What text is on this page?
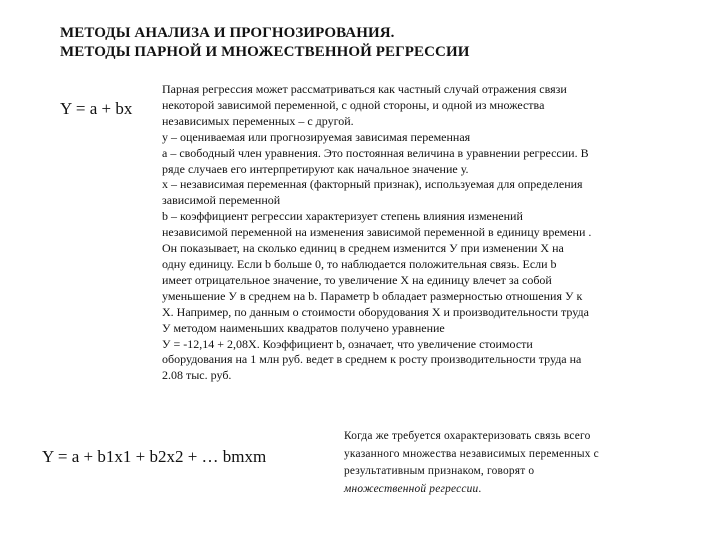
МЕТОДЫ АНАЛИЗА И ПРОГНОЗИРОВАНИЯ.
МЕТОДЫ ПАРНОЙ И МНОЖЕСТВЕННОЙ РЕГРЕССИИ
Y = a + bx
Парная регрессия может рассматриваться как частный случай отражения связи
некоторой зависимой переменной, с одной стороны, и одной из множества
независимых переменных – с другой.
у – оцениваемая или прогнозируемая зависимая переменная
а – свободный член уравнения. Это постоянная величина в уравнении регрессии. В
ряде случаев его интерпретируют как начальное значение у.
х – независимая переменная (факторный признак), используемая для определения
зависимой переменной
b – коэффициент регрессии характеризует степень влияния изменений
независимой переменной на изменения зависимой переменной в единицу времени .
Он показывает, на сколько единиц в среднем изменится У при изменении Х на
одну единицу. Если b больше 0, то наблюдается положительная связь. Если b
имеет отрицательное значение, то увеличение Х на единицу влечет за собой
уменьшение У в среднем на b. Параметр b обладает размерностью отношения У к
Х. Например, по данным о стоимости оборудования Х и производительности труда
У методом наименьших квадратов получено уравнение
У = -12,14 + 2,08Х. Коэффициент b, означает, что увеличение стоимости
оборудования на 1 млн руб. ведет в среднем к росту производительности труда на
2.08 тыс. руб.
Y = a + b1x1 + b2x2 + … bmxm
Когда же требуется охарактеризовать связь всего
указанного множества независимых переменных с
результативным признаком, говорят о
множественной регрессии.
